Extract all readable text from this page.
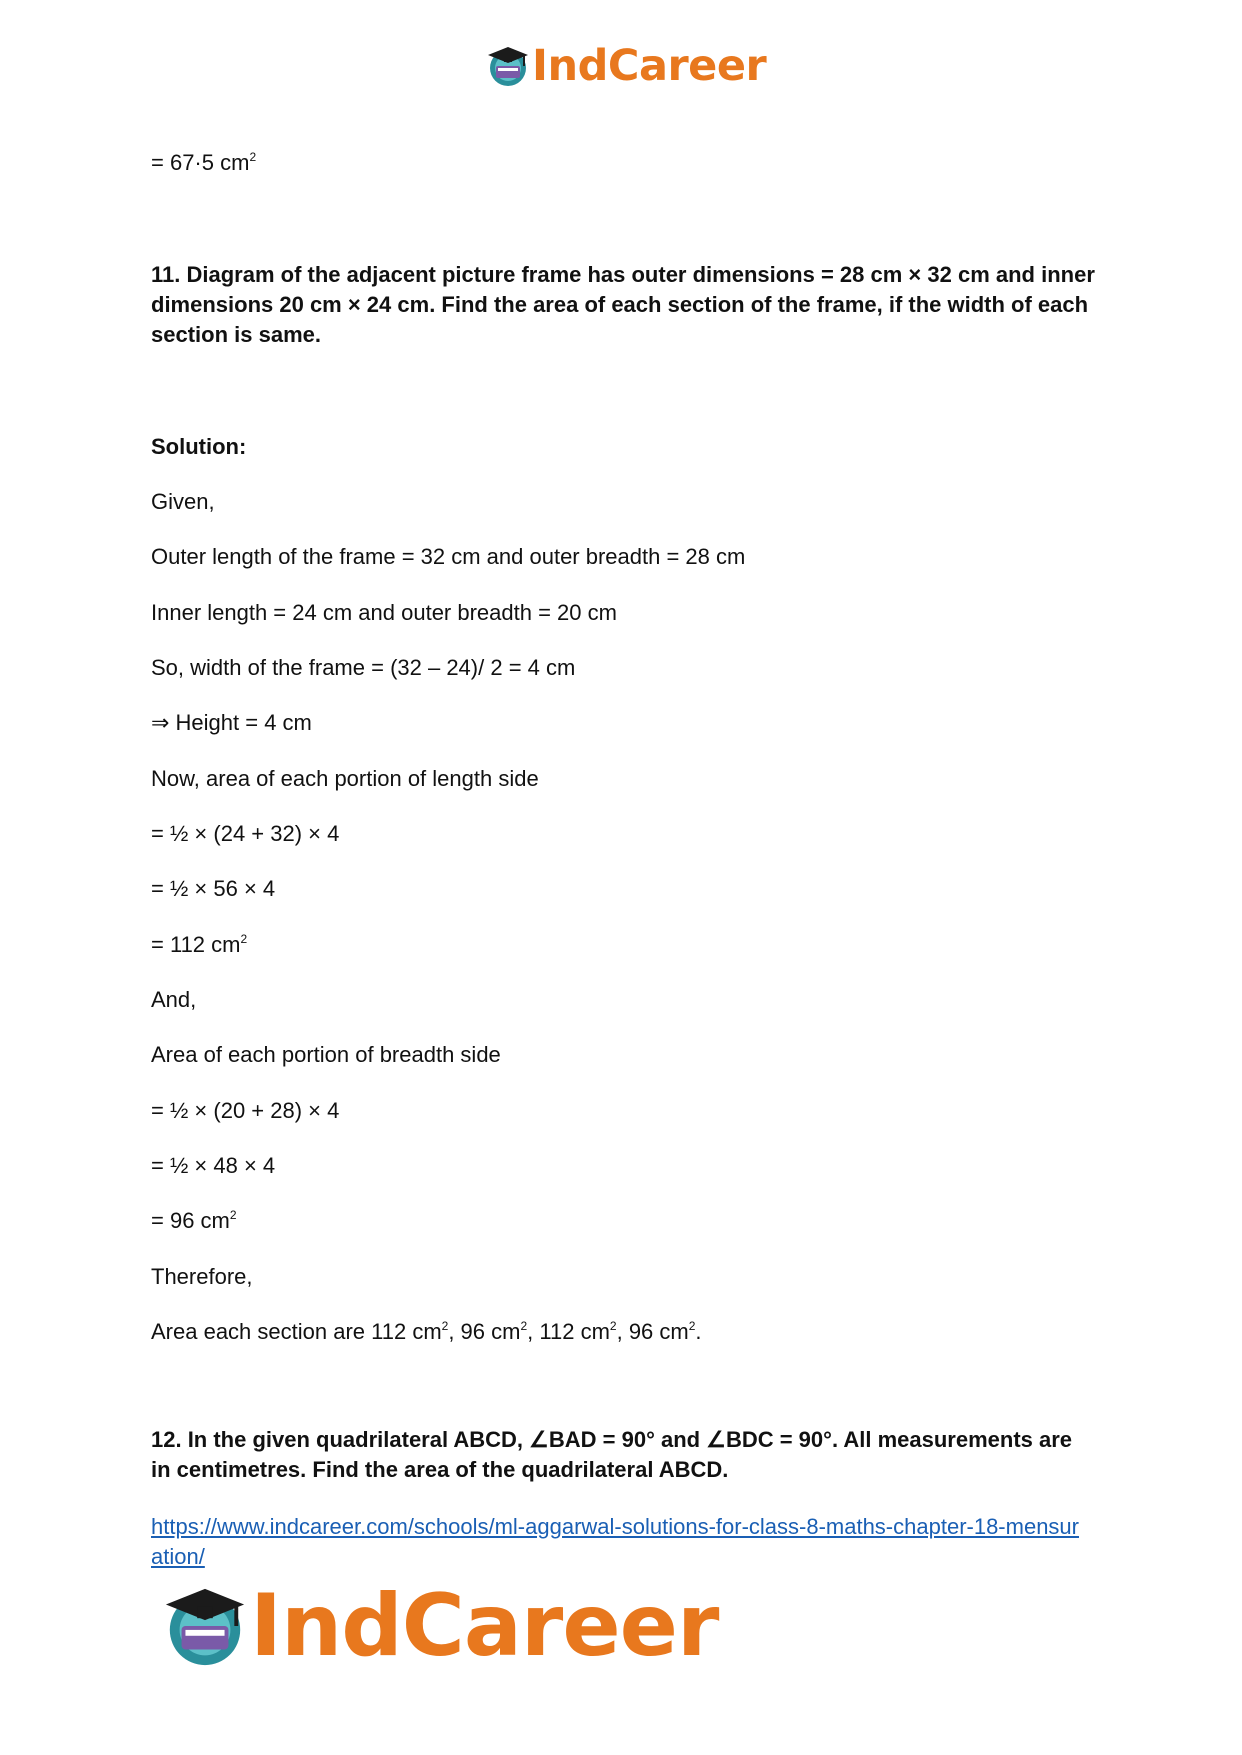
IndCareer
= 67·5 $cm^2$
11. Diagram of the adjacent picture frame has outer dimensions = 28 cm × 32 cm and inner dimensions 20 cm × 24 cm. Find the area of each section of the frame, if the width of each section is same.
Solution:
Given,
Outer length of the frame = 32 cm and outer breadth = 28 cm
Inner length = 24 cm and outer breadth = 20 cm
So, width of the frame = (32 – 24)/ 2 = 4 cm
⇒ Height = 4 cm
Now, area of each portion of length side
= ½ × (24 + 32) × 4
= ½ × 56 × 4
= 112 $cm^2$
And,
Area of each portion of breadth side
= ½ × (20 + 28) × 4
= ½ × 48 × 4
= 96 $cm^2$
Therefore,
Area each section are 112 $cm^2$, 96 $cm^2$, 112 $cm^2$, 96 $cm^2$.
12. In the given quadrilateral ABCD, ∠BAD = 90° and ∠BDC = 90°. All measurements are in centimetres. Find the area of the quadrilateral ABCD.
https://www.indcareer.com/schools/ml-aggarwal-solutions-for-class-8-maths-chapter-18-mensuration/
IndCareer
